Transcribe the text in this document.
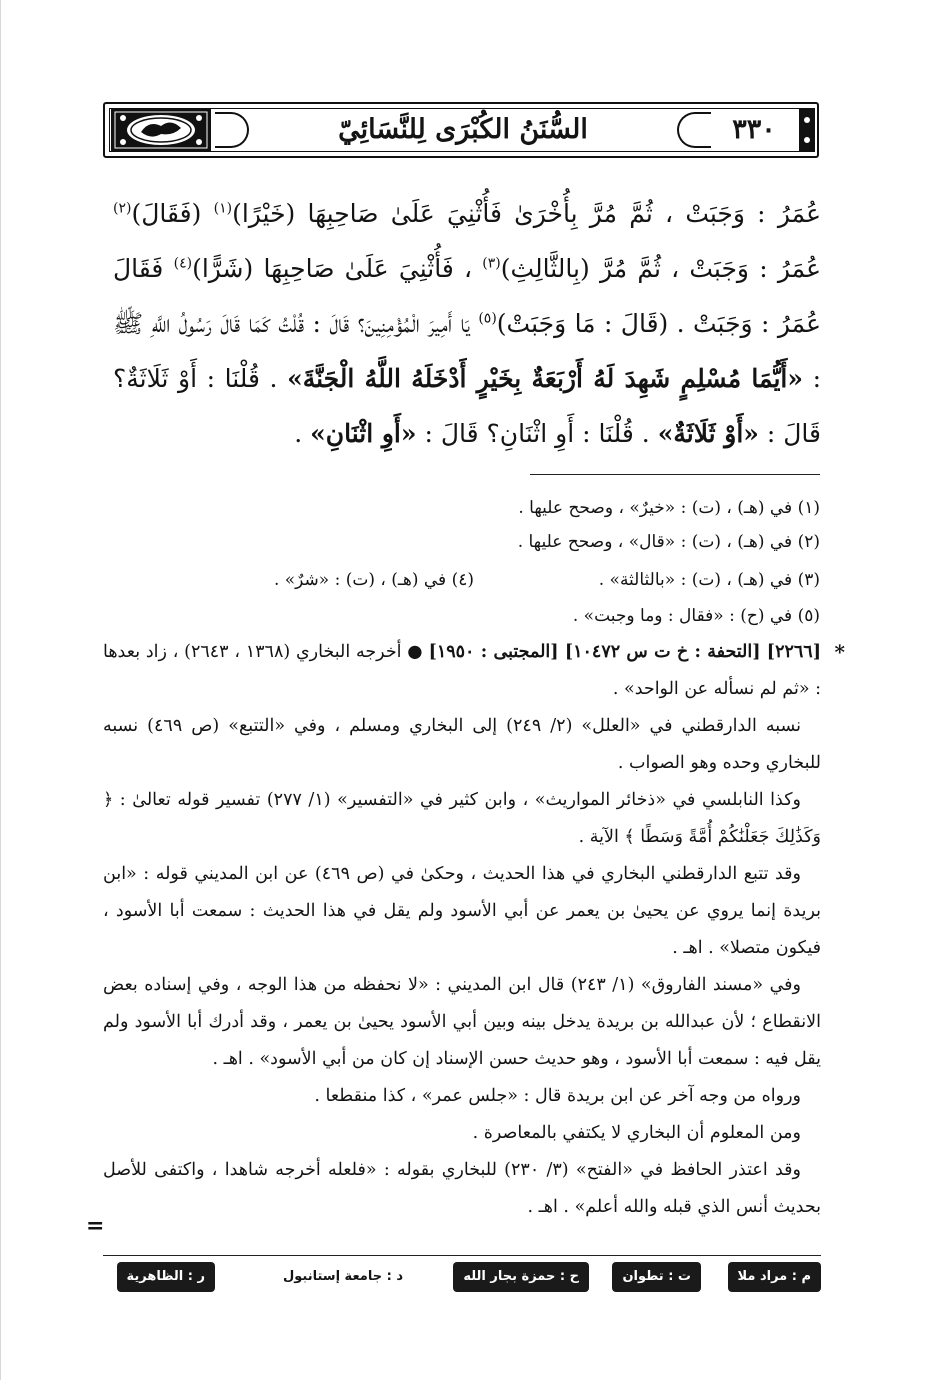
السُّنَنُ الكُبْرَى لِلنَّسَائِيّ	٣٣٠
عُمَرُ : وَجَبَتْ ، ثُمَّ مُرَّ بِأُخْرَىٰ فَأُثْنِيَ عَلَىٰ صَاحِبِهَا (خَيْرًا)$^{(١)}$ (فَقَالَ)$^{(٢)}$ عُمَرُ : وَجَبَتْ ، ثُمَّ مُرَّ (بِالثَّالِثِ)$^{(٣)}$ ، فَأُثْنِيَ عَلَىٰ صَاحِبِهَا (شَرًّا)$^{(٤)}$ فَقَالَ عُمَرُ : وَجَبَتْ . (قَالَ : مَا وَجَبَتْ)$^{(٥)}$ يَا أَمِيرَ الْمُؤْمِنِينَ؟ قَالَ : قُلْتُ كَمَا قَالَ رَسُولُ اللَّهِ ﷺ : «أَيُّمَا مُسْلِمٍ شَهِدَ لَهُ أَرْبَعَةٌ بِخَيْرٍ أَدْخَلَهُ اللَّهُ الْجَنَّةَ» . قُلْنَا : أَوْ ثَلَاثَةٌ؟ قَالَ : «أَوْ ثَلَاثَةٌ» . قُلْنَا : أَوِ اثْنَانِ؟ قَالَ : «أَوِ اثْنَانِ» .
(١) في (هـ) ، (ت) : «خيرٌ» ، وصحح عليها .
(٢) في (هـ) ، (ت) : «قال» ، وصحح عليها .
(٣) في (هـ) ، (ت) : «بالثالثة» .
(٤) في (هـ) ، (ت) : «شرٌ» .
(٥) في (ح) : «فقال : وما وجبت» .
*

[٢٢٦٦] [التحفة : خ ت س ١٠٤٧٢] [المجتبى : ١٩٥٠] ● أخرجه البخاري (١٣٦٨ ، ٢٦٤٣) ، زاد بعدها : «ثم لم نسأله عن الواحد» .

نسبه الدارقطني في «العلل» (٢/ ٢٤٩) إلى البخاري ومسلم ، وفي «التتبع» (ص ٤٦٩) نسبه للبخاري وحده وهو الصواب .

وكذا النابلسي في «ذخائر المواريث» ، وابن كثير في «التفسير» (١/ ٢٧٧) تفسير قوله تعالىٰ : ﴿ وَكَذَٰلِكَ جَعَلْنَٰكُمْ أُمَّةً وَسَطًا ﴾ الآية .

وقد تتبع الدارقطني البخاري في هذا الحديث ، وحكىٰ في (ص ٤٦٩) عن ابن المديني قوله : «ابن بريدة إنما يروي عن يحيىٰ بن يعمر عن أبي الأسود ولم يقل في هذا الحديث : سمعت أبا الأسود ، فيكون متصلا» . اهـ .

وفي «مسند الفاروق» (١/ ٢٤٣) قال ابن المديني : «لا نحفظه من هذا الوجه ، وفي إسناده بعض الانقطاع ؛ لأن عبدالله بن بريدة يدخل بينه وبين أبي الأسود يحيىٰ بن يعمر ، وقد أدرك أبا الأسود ولم يقل فيه : سمعت أبا الأسود ، وهو حديث حسن الإسناد إن كان من أبي الأسود» . اهـ .

ورواه من وجه آخر عن ابن بريدة قال : «جلس عمر» ، كذا منقطعا .

ومن المعلوم أن البخاري لا يكتفي بالمعاصرة .

وقد اعتذر الحافظ في «الفتح» (٣/ ٢٣٠) للبخاري بقوله : «فلعله أخرجه شاهدا ، واكتفى للأصل بحديث أنس الذي قبله والله أعلم» . اهـ .

=
م : مراد ملا
ت : تطوان
ح : حمزة بجار الله
د : جامعة إستانبول
ر : الظاهرية
